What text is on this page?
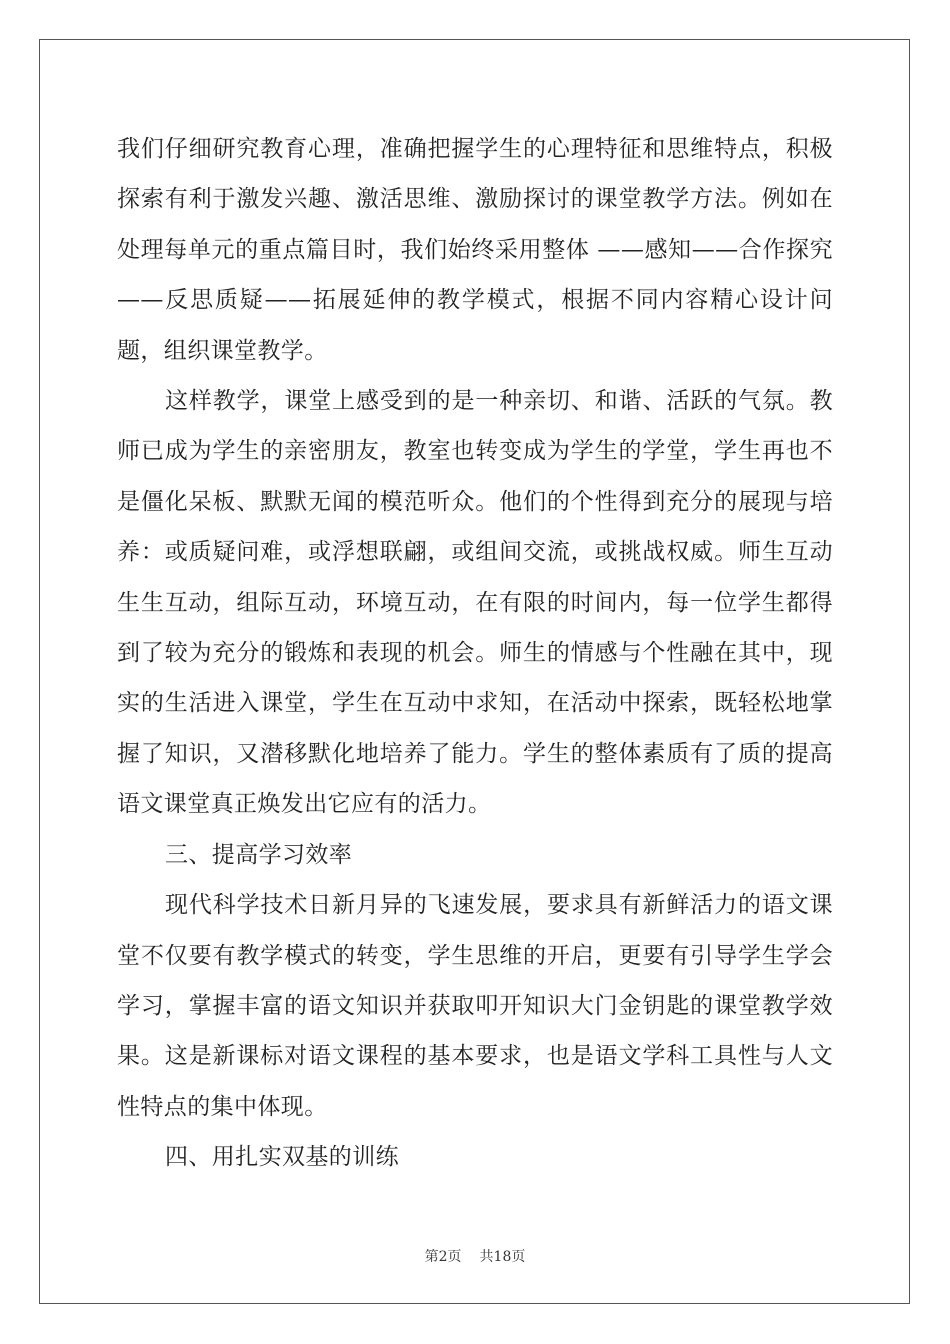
我们仔细研究教育心理，准确把握学生的心理特征和思维特点，积极探索有利于激发兴趣、激活思维、激励探讨的课堂教学方法。例如在处理每单元的重点篇目时，我们始终采用整体 ——感知——合作探究——反思质疑——拓展延伸的教学模式，根据不同内容精心设计问题，组织课堂教学。

这样教学，课堂上感受到的是一种亲切、和谐、活跃的气氛。教师已成为学生的亲密朋友，教室也转变成为学生的学堂，学生再也不是僵化呆板、默默无闻的模范听众。他们的个性得到充分的展现与培养：或质疑问难，或浮想联翩，或组间交流，或挑战权威。师生互动生生互动，组际互动，环境互动，在有限的时间内，每一位学生都得到了较为充分的锻炼和表现的机会。师生的情感与个性融在其中，现实的生活进入课堂，学生在互动中求知，在活动中探索，既轻松地掌握了知识，又潜移默化地培养了能力。学生的整体素质有了质的提高语文课堂真正焕发出它应有的活力。

三、提高学习效率

现代科学技术日新月异的飞速发展，要求具有新鲜活力的语文课堂不仅要有教学模式的转变，学生思维的开启，更要有引导学生学会学习，掌握丰富的语文知识并获取叩开知识大门金钥匙的课堂教学效果。这是新课标对语文课程的基本要求，也是语文学科工具性与人文性特点的集中体现。

四、用扎实双基的训练

第2页 共18页
